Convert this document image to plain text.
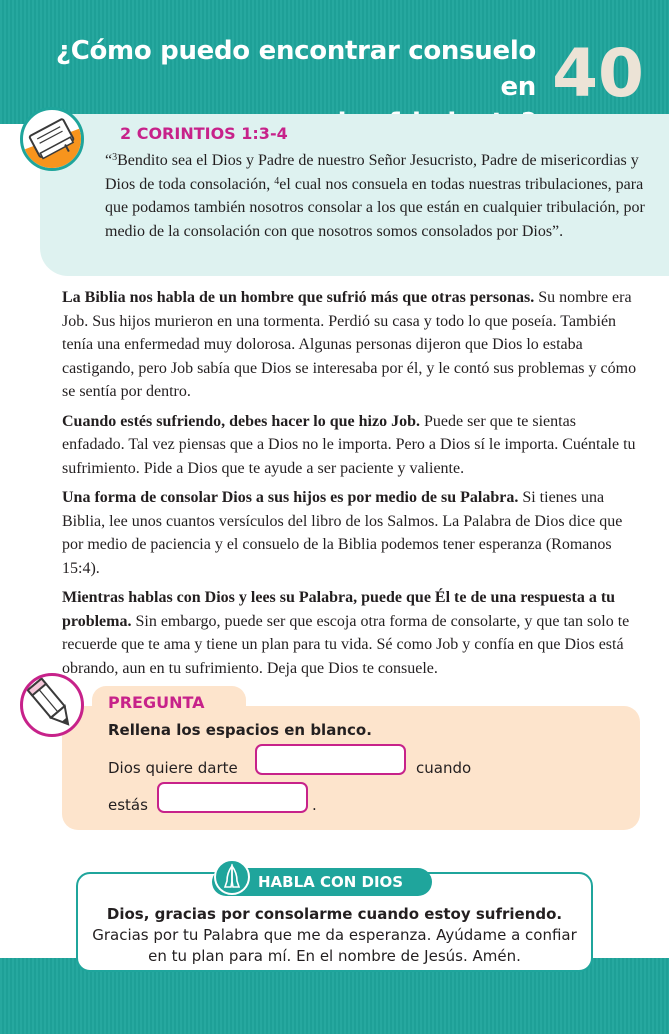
¿Cómo puedo encontrar consuelo en 40
2 CORINTIOS 1:3-4
“$^3$Bendito sea el Dios y Padre de nuestro Señor Jesucristo, Padre de misericordias y Dios de toda consolación, $^4$el cual nos consuela en todas nuestras tribulaciones, para que podamos también nosotros consolar a los que están en cualquier tribulación, por medio de la consolación con que nosotros somos consolados por Dios”.

La Biblia nos habla de un hombre que sufrió más que otras personas. Su nombre era Job. Sus hijos murieron en una tormenta. Perdió su casa y todo lo que poseía. También tenía una enfermedad muy dolorosa. Algunas personas dijeron que Dios lo estaba castigando, pero Job sabía que Dios se interesaba por él, y le contó sus problemas y cómo se sentía por dentro.

Cuando estés sufriendo, debes hacer lo que hizo Job. Puede ser que te sientas enfadado. Tal vez piensas que a Dios no le importa. Pero a Dios sí le importa. Cuéntale tu sufrimiento. Pide a Dios que te ayude a ser paciente y valiente.

Una forma de consolar Dios a sus hijos es por medio de su Palabra. Si tienes una Biblia, lee unos cuantos versículos del libro de los Salmos. La Palabra de Dios dice que por medio de paciencia y el consuelo de la Biblia podemos tener esperanza (Romanos 15:4).

Mientras hablas con Dios y lees su Palabra, puede que Él te de una respuesta a tu problema. Sin embargo, puede ser que escoja otra forma de consolarte, y que tan solo te recuerde que te ama y tiene un plan para tu vida. Sé como Job y confía en que Dios está obrando, aun en tu sufrimiento. Deja que Dios te consuele.

PREGUNTA
Rellena los espacios en blanco.
Dios quiere darte	cuando
estás	.
HABLA CON DIOS
Dios, gracias por consolarme cuando estoy sufriendo.
Gracias por tu Palabra que me da esperanza. Ayúdame a confiar en tu plan para mí. En el nombre de Jesús. Amén.
